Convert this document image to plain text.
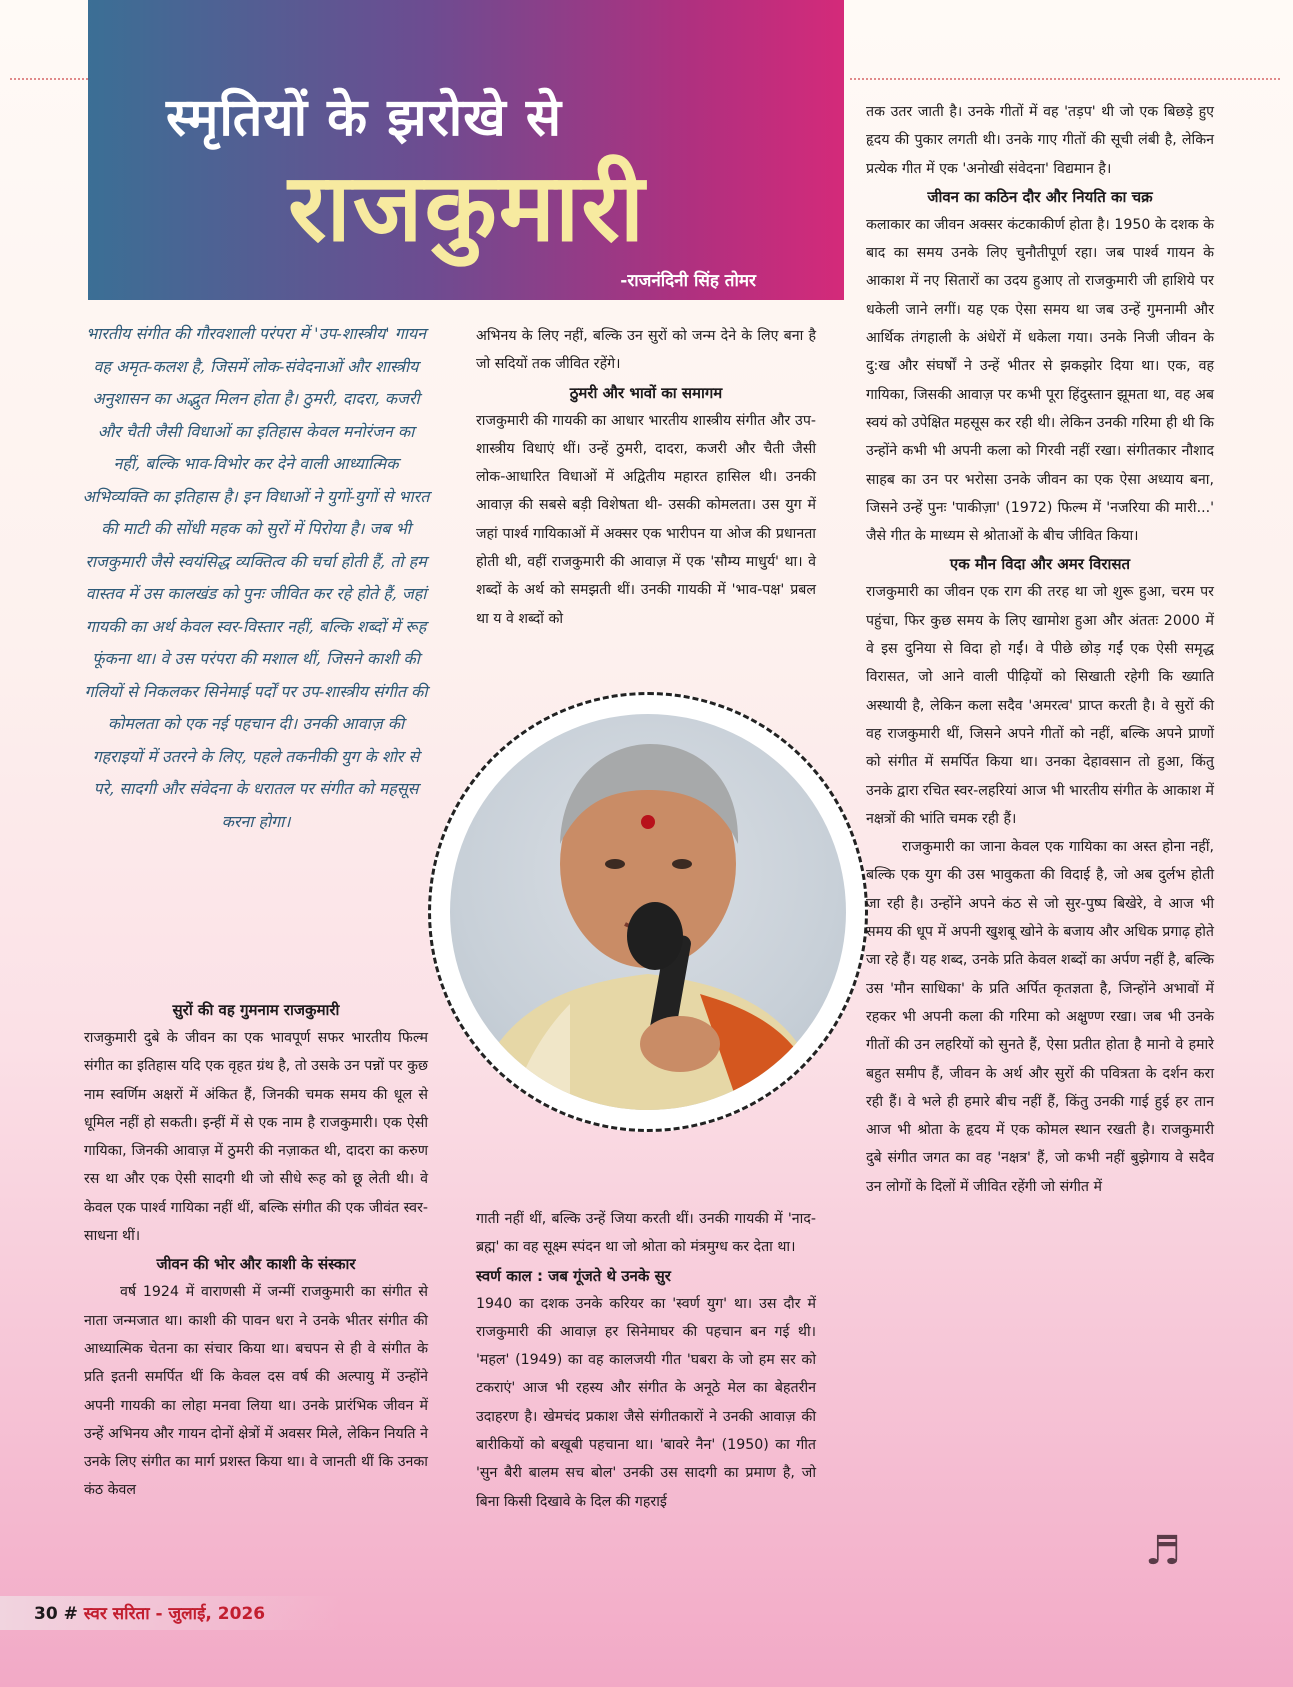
स्मृतियों के झरोखे से
राजकुमारी
-राजनंदिनी सिंह तोमर
भारतीय संगीत की गौरवशाली परंपरा में 'उप-शास्त्रीय' गायन वह अमृत-कलश है, जिसमें लोक-संवेदनाओं और शास्त्रीय अनुशासन का अद्भुत मिलन होता है। ठुमरी, दादरा, कजरी और चैती जैसी विधाओं का इतिहास केवल मनोरंजन का नहीं, बल्कि भाव-विभोर कर देने वाली आध्यात्मिक अभिव्यक्ति का इतिहास है। इन विधाओं ने युगों-युगों से भारत की माटी की सोंधी महक को सुरों में पिरोया है। जब भी राजकुमारी जैसे स्वयंसिद्ध व्यक्तित्व की चर्चा होती हैं, तो हम वास्तव में उस कालखंड को पुनः जीवित कर रहे होते हैं, जहां गायकी का अर्थ केवल स्वर-विस्तार नहीं, बल्कि शब्दों में रूह फूंकना था। वे उस परंपरा की मशाल थीं, जिसने काशी की गलियों से निकलकर सिनेमाई पर्दों पर उप-शास्त्रीय संगीत की कोमलता को एक नई पहचान दी। उनकी आवाज़ की गहराइयों में उतरने के लिए, पहले तकनीकी युग के शोर से परे, सादगी और संवेदना के धरातल पर संगीत को महसूस करना होगा।

सुरों की वह गुमनाम राजकुमारी

राजकुमारी दुबे के जीवन का एक भावपूर्ण सफर भारतीय फिल्म संगीत का इतिहास यदि एक वृहत ग्रंथ है, तो उसके उन पन्नों पर कुछ नाम स्वर्णिम अक्षरों में अंकित हैं, जिनकी चमक समय की धूल से धूमिल नहीं हो सकती। इन्हीं में से एक नाम है राजकुमारी। एक ऐसी गायिका, जिनकी आवाज़ में ठुमरी की नज़ाकत थी, दादरा का करुण रस था और एक ऐसी सादगी थी जो सीधे रूह को छू लेती थी। वे केवल एक पार्श्व गायिका नहीं थीं, बल्कि संगीत की एक जीवंत स्वर-साधना थीं।

जीवन की भोर और काशी के संस्कार

वर्ष 1924 में वाराणसी में जन्मीं राजकुमारी का संगीत से नाता जन्मजात था। काशी की पावन धरा ने उनके भीतर संगीत की आध्यात्मिक चेतना का संचार किया था। बचपन से ही वे संगीत के प्रति इतनी समर्पित थीं कि केवल दस वर्ष की अल्पायु में उन्होंने अपनी गायकी का लोहा मनवा लिया था। उनके प्रारंभिक जीवन में उन्हें अभिनय और गायन दोनों क्षेत्रों में अवसर मिले, लेकिन नियति ने उनके लिए संगीत का मार्ग प्रशस्त किया था। वे जानती थीं कि उनका कंठ केवल

अभिनय के लिए नहीं, बल्कि उन सुरों को जन्म देने के लिए बना है जो सदियों तक जीवित रहेंगे।

ठुमरी और भावों का समागम

राजकुमारी की गायकी का आधार भारतीय शास्त्रीय संगीत और उप-शास्त्रीय विधाएं थीं। उन्हें ठुमरी, दादरा, कजरी और चैती जैसी लोक-आधारित विधाओं में अद्वितीय महारत हासिल थी। उनकी आवाज़ की सबसे बड़ी विशेषता थी- उसकी कोमलता। उस युग में जहां पार्श्व गायिकाओं में अक्सर एक भारीपन या ओज की प्रधानता होती थी, वहीं राजकुमारी की आवाज़ में एक 'सौम्य माधुर्य' था। वे शब्दों के अर्थ को समझती थीं। उनकी गायकी में 'भाव-पक्ष' प्रबल था य वे शब्दों को

गाती नहीं थीं, बल्कि उन्हें जिया करती थीं। उनकी गायकी में 'नाद-ब्रह्म' का वह सूक्ष्म स्पंदन था जो श्रोता को मंत्रमुग्ध कर देता था।

स्वर्ण काल : जब गूंजते थे उनके सुर

1940 का दशक उनके करियर का 'स्वर्ण युग' था। उस दौर में राजकुमारी की आवाज़ हर सिनेमाघर की पहचान बन गई थी। 'महल' (1949) का वह कालजयी गीत 'घबरा के जो हम सर को टकराएं' आज भी रहस्य और संगीत के अनूठे मेल का बेहतरीन उदाहरण है। खेमचंद प्रकाश जैसे संगीतकारों ने उनकी आवाज़ की बारीकियों को बखूबी पहचाना था। 'बावरे नैन' (1950) का गीत 'सुन बैरी बालम सच बोल' उनकी उस सादगी का प्रमाण है, जो बिना किसी दिखावे के दिल की गहराई

तक उतर जाती है। उनके गीतों में वह 'तड़प' थी जो एक बिछड़े हुए हृदय की पुकार लगती थी। उनके गाए गीतों की सूची लंबी है, लेकिन प्रत्येक गीत में एक 'अनोखी संवेदना' विद्यमान है।

जीवन का कठिन दौर और नियति का चक्र

कलाकार का जीवन अक्सर कंटकाकीर्ण होता है। 1950 के दशक के बाद का समय उनके लिए चुनौतीपूर्ण रहा। जब पार्श्व गायन के आकाश में नए सितारों का उदय हुआए तो राजकुमारी जी हाशिये पर धकेली जाने लगीं। यह एक ऐसा समय था जब उन्हें गुमनामी और आर्थिक तंगहाली के अंधेरों में धकेला गया। उनके निजी जीवन के दु:ख और संघर्षों ने उन्हें भीतर से झकझोर दिया था। एक, वह गायिका, जिसकी आवाज़ पर कभी पूरा हिंदुस्तान झूमता था, वह अब स्वयं को उपेक्षित महसूस कर रही थी। लेकिन उनकी गरिमा ही थी कि उन्होंने कभी भी अपनी कला को गिरवी नहीं रखा। संगीतकार नौशाद साहब का उन पर भरोसा उनके जीवन का एक ऐसा अध्याय बना, जिसने उन्हें पुनः 'पाकीज़ा' (1972) फिल्म में 'नजरिया की मारी...' जैसे गीत के माध्यम से श्रोताओं के बीच जीवित किया।

एक मौन विदा और अमर विरासत

राजकुमारी का जीवन एक राग की तरह था जो शुरू हुआ, चरम पर पहुंचा, फिर कुछ समय के लिए खामोश हुआ और अंततः 2000 में वे इस दुनिया से विदा हो गईं। वे पीछे छोड़ गईं एक ऐसी समृद्ध विरासत, जो आने वाली पीढ़ियों को सिखाती रहेगी कि ख्याति अस्थायी है, लेकिन कला सदैव 'अमरत्व' प्राप्त करती है। वे सुरों की वह राजकुमारी थीं, जिसने अपने गीतों को नहीं, बल्कि अपने प्राणों को संगीत में समर्पित किया था। उनका देहावसान तो हुआ, किंतु उनके द्वारा रचित स्वर-लहरियां आज भी भारतीय संगीत के आकाश में नक्षत्रों की भांति चमक रही हैं।

राजकुमारी का जाना केवल एक गायिका का अस्त होना नहीं, बल्कि एक युग की उस भावुकता की विदाई है, जो अब दुर्लभ होती जा रही है। उन्होंने अपने कंठ से जो सुर-पुष्प बिखेरे, वे आज भी समय की धूप में अपनी खुशबू खोने के बजाय और अधिक प्रगाढ़ होते जा रहे हैं। यह शब्द, उनके प्रति केवल शब्दों का अर्पण नहीं है, बल्कि उस 'मौन साधिका' के प्रति अर्पित कृतज्ञता है, जिन्होंने अभावों में रहकर भी अपनी कला की गरिमा को अक्षुण्ण रखा। जब भी उनके गीतों की उन लहरियों को सुनते हैं, ऐसा प्रतीत होता है मानो वे हमारे बहुत समीप हैं, जीवन के अर्थ और सुरों की पवित्रता के दर्शन करा रही हैं। वे भले ही हमारे बीच नहीं हैं, किंतु उनकी गाई हुई हर तान आज भी श्रोता के हृदय में एक कोमल स्थान रखती है। राजकुमारी दुबे संगीत जगत का वह 'नक्षत्र' हैं, जो कभी नहीं बुझेगाय वे सदैव उन लोगों के दिलों में जीवित रहेंगी जो संगीत में

♬
30 # स्वर सरिता - जुलाई, 2026
